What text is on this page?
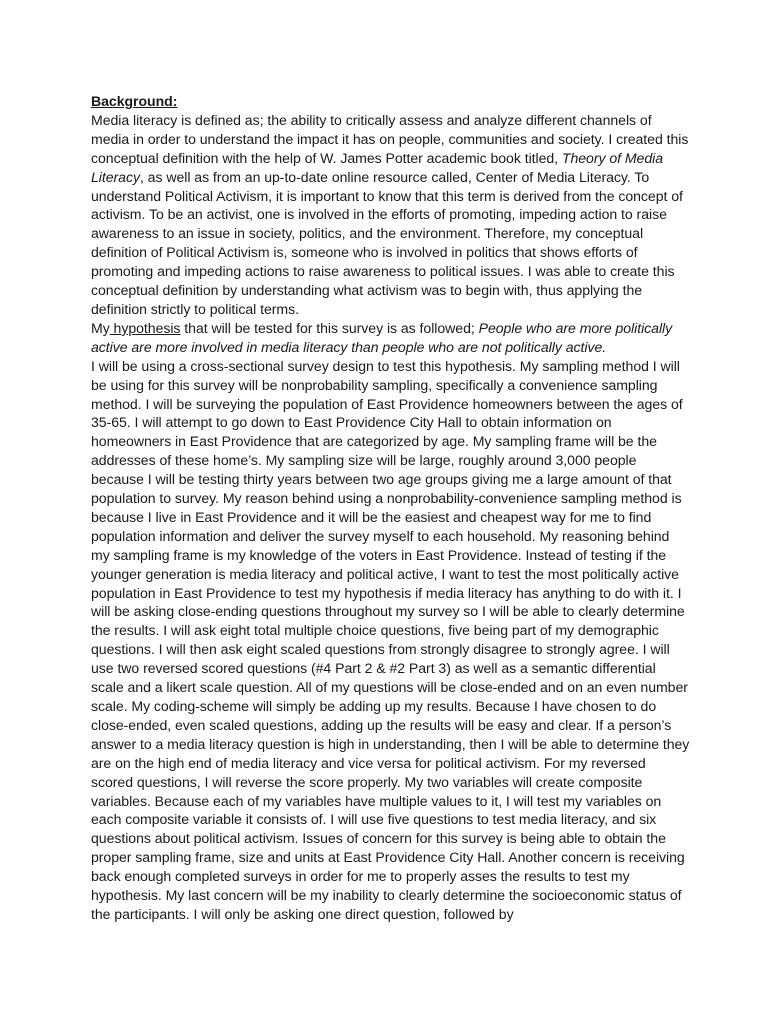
Background:
Media literacy is defined as; the ability to critically assess and analyze different channels of media in order to understand the impact it has on people, communities and society. I created this conceptual definition with the help of W. James Potter academic book titled, Theory of Media Literacy, as well as from an up-to-date online resource called, Center of Media Literacy. To understand Political Activism, it is important to know that this term is derived from the concept of activism. To be an activist, one is involved in the efforts of promoting, impeding action to raise awareness to an issue in society, politics, and the environment. Therefore, my conceptual definition of Political Activism is, someone who is involved in politics that shows efforts of promoting and impeding actions to raise awareness to political issues. I was able to create this conceptual definition by understanding what activism was to begin with, thus applying the definition strictly to political terms.
My hypothesis that will be tested for this survey is as followed; People who are more politically active are more involved in media literacy than people who are not politically active.
I will be using a cross-sectional survey design to test this hypothesis. My sampling method I will be using for this survey will be nonprobability sampling, specifically a convenience sampling method. I will be surveying the population of East Providence homeowners between the ages of 35-65. I will attempt to go down to East Providence City Hall to obtain information on homeowners in East Providence that are categorized by age. My sampling frame will be the addresses of these home’s. My sampling size will be large, roughly around 3,000 people because I will be testing thirty years between two age groups giving me a large amount of that population to survey. My reason behind using a nonprobability-convenience sampling method is because I live in East Providence and it will be the easiest and cheapest way for me to find population information and deliver the survey myself to each household. My reasoning behind my sampling frame is my knowledge of the voters in East Providence. Instead of testing if the younger generation is media literacy and political active, I want to test the most politically active population in East Providence to test my hypothesis if media literacy has anything to do with it. I will be asking close-ending questions throughout my survey so I will be able to clearly determine the results. I will ask eight total multiple choice questions, five being part of my demographic questions. I will then ask eight scaled questions from strongly disagree to strongly agree. I will use two reversed scored questions (#4 Part 2 & #2 Part 3) as well as a semantic differential scale and a likert scale question. All of my questions will be close-ended and on an even number scale. My coding-scheme will simply be adding up my results. Because I have chosen to do close-ended, even scaled questions, adding up the results will be easy and clear. If a person’s answer to a media literacy question is high in understanding, then I will be able to determine they are on the high end of media literacy and vice versa for political activism. For my reversed scored questions, I will reverse the score properly. My two variables will create composite variables. Because each of my variables have multiple values to it, I will test my variables on each composite variable it consists of. I will use five questions to test media literacy, and six questions about political activism. Issues of concern for this survey is being able to obtain the proper sampling frame, size and units at East Providence City Hall. Another concern is receiving back enough completed surveys in order for me to properly asses the results to test my hypothesis. My last concern will be my inability to clearly determine the socioeconomic status of the participants. I will only be asking one direct question, followed by
